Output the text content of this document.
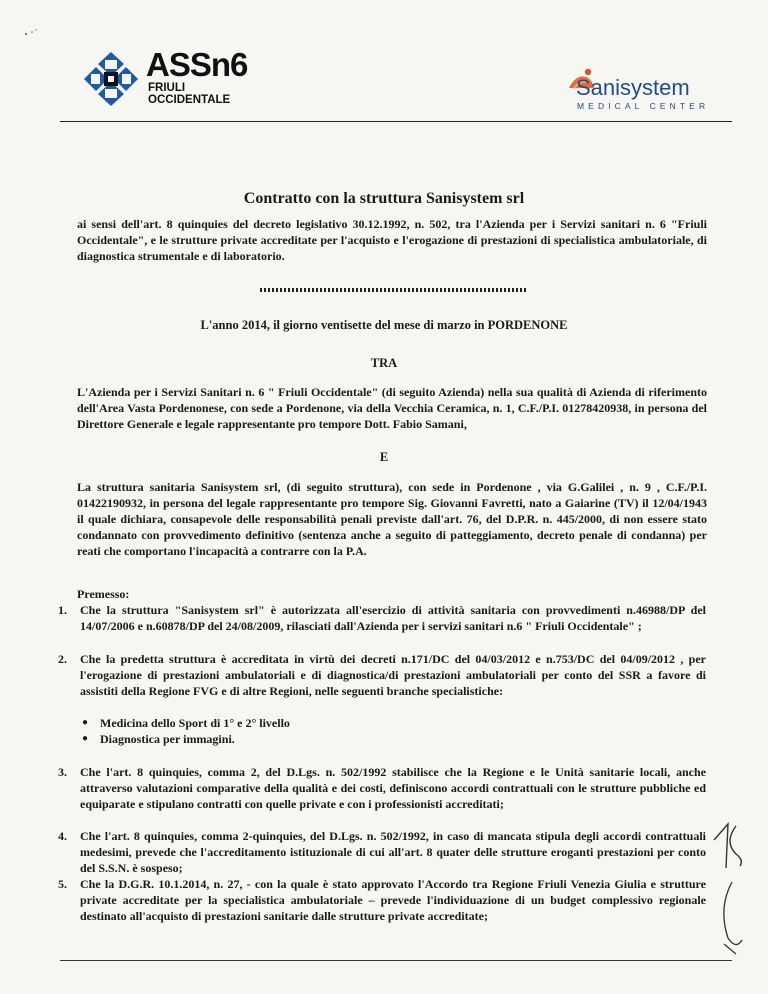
ASSn6
FRIULI
OCCIDENTALE	Sanisystem
MEDICAL CENTER
Contratto con la struttura Sanisystem srl
ai sensi dell'art. 8 quinquies del decreto legislativo 30.12.1992, n. 502, tra l'Azienda per i Servizi sanitari n. 6 "Friuli Occidentale", e le strutture private accreditate per l'acquisto e l'erogazione di prestazioni di specialistica ambulatoriale, di diagnostica strumentale e di laboratorio.
L'anno 2014, il giorno ventisette del mese di marzo in PORDENONE
TRA
L'Azienda per i Servizi Sanitari n. 6 " Friuli Occidentale" (di seguito Azienda) nella sua qualità di Azienda di riferimento dell'Area Vasta Pordenonese, con sede a Pordenone, via della Vecchia Ceramica, n. 1, C.F./P.I. 01278420938, in persona del Direttore Generale e legale rappresentante pro tempore Dott. Fabio Samani,
E
La struttura sanitaria Sanisystem srl, (di seguito struttura), con sede in Pordenone , via G.Galilei , n. 9 , C.F./P.I. 01422190932, in persona del legale rappresentante pro tempore Sig. Giovanni Favretti, nato a Gaiarine (TV) il 12/04/1943 il quale dichiara, consapevole delle responsabilità penali previste dall'art. 76, del D.P.R. n. 445/2000, di non essere stato condannato con provvedimento definitivo (sentenza anche a seguito di patteggiamento, decreto penale di condanna) per reati che comportano l'incapacità a contrarre con la P.A.
Premesso:
1. Che la struttura "Sanisystem srl" è autorizzata all'esercizio di attività sanitaria con provvedimenti n.46988/DP del 14/07/2006 e n.60878/DP del 24/08/2009, rilasciati dall'Azienda per i servizi sanitari n.6 " Friuli Occidentale" ;
2. Che la predetta struttura è accreditata in virtù dei decreti n.171/DC del 04/03/2012 e n.753/DC del 04/09/2012 , per l'erogazione di prestazioni ambulatoriali e di diagnostica/di prestazioni ambulatoriali per conto del SSR a favore di assistiti della Regione FVG e di altre Regioni, nelle seguenti branche specialistiche:
● Medicina dello Sport di 1° e 2° livello
● Diagnostica per immagini.
3. Che l'art. 8 quinquies, comma 2, del D.Lgs. n. 502/1992 stabilisce che la Regione e le Unità sanitarie locali, anche attraverso valutazioni comparative della qualità e dei costi, definiscono accordi contrattuali con le strutture pubbliche ed equiparate e stipulano contratti con quelle private e con i professionisti accreditati;
4. Che l'art. 8 quinquies, comma 2-quinquies, del D.Lgs. n. 502/1992, in caso di mancata stipula degli accordi contrattuali medesimi, prevede che l'accreditamento istituzionale di cui all'art. 8 quater delle strutture eroganti prestazioni per conto del S.S.N. è sospeso;
5. Che la D.G.R. 10.1.2014, n. 27, - con la quale è stato approvato l'Accordo tra Regione Friuli Venezia Giulia e strutture private accreditate per la specialistica ambulatoriale – prevede l'individuazione di un budget complessivo regionale destinato all'acquisto di prestazioni sanitarie dalle strutture private accreditate;
